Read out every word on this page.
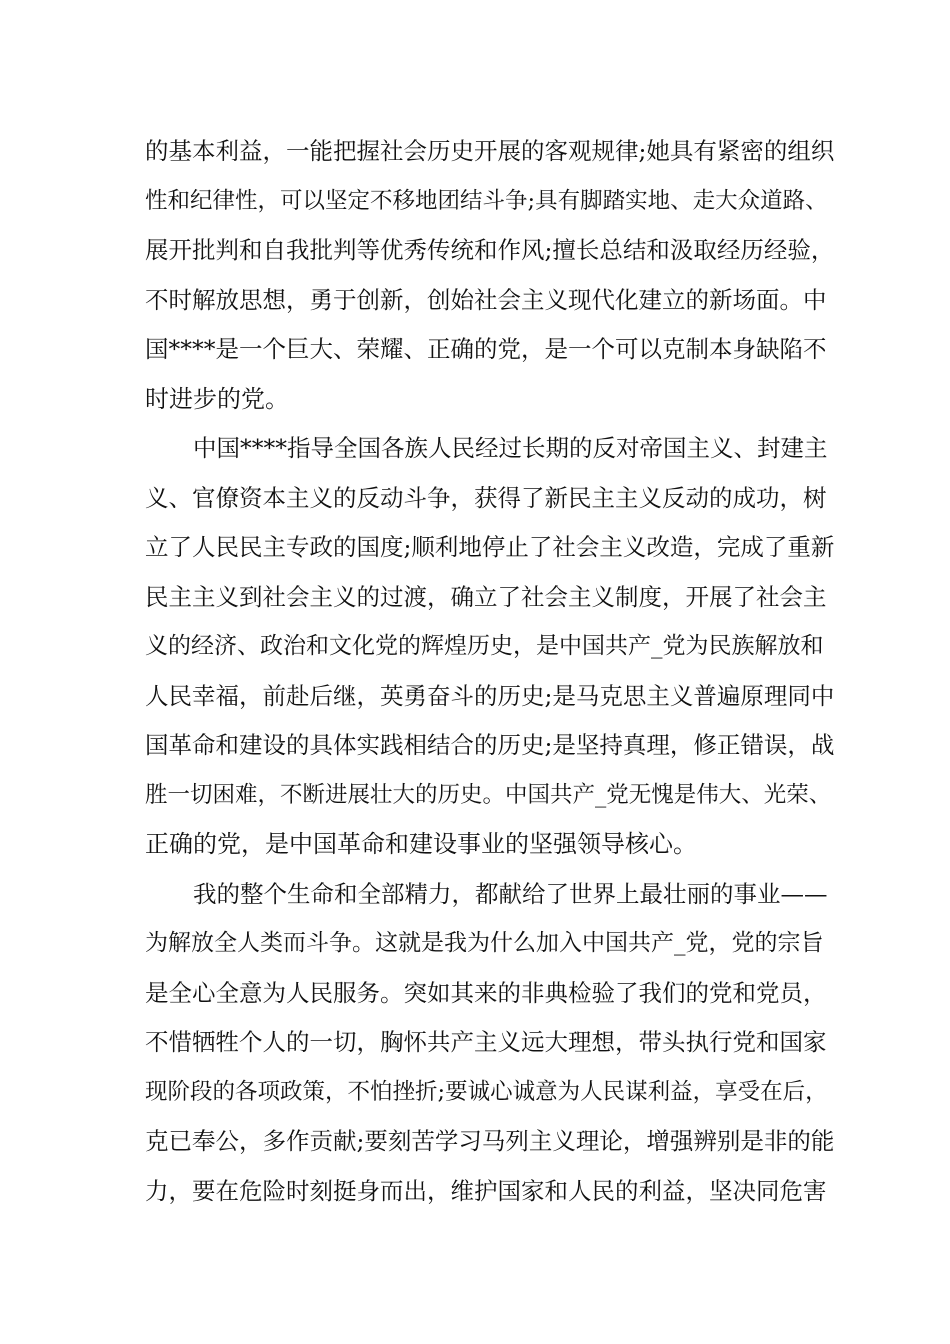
的基本利益，一能把握社会历史开展的客观规律;她具有紧密的组织
性和纪律性，可以坚定不移地团结斗争;具有脚踏实地、走大众道路、
展开批判和自我批判等优秀传统和作风;擅长总结和汲取经历经验，
不时解放思想，勇于创新，创始社会主义现代化建立的新场面。中
国****是一个巨大、荣耀、正确的党，是一个可以克制本身缺陷不
时进步的党。
中国****指导全国各族人民经过长期的反对帝国主义、封建主
义、官僚资本主义的反动斗争，获得了新民主主义反动的成功，树
立了人民民主专政的国度;顺利地停止了社会主义改造，完成了重新
民主主义到社会主义的过渡，确立了社会主义制度，开展了社会主
义的经济、政治和文化党的辉煌历史，是中国共产_党为民族解放和
人民幸福，前赴后继，英勇奋斗的历史;是马克思主义普遍原理同中
国革命和建设的具体实践相结合的历史;是坚持真理，修正错误，战
胜一切困难，不断进展壮大的历史。中国共产_党无愧是伟大、光荣、
正确的党，是中国革命和建设事业的坚强领导核心。
我的整个生命和全部精力，都献给了世界上最壮丽的事业——
为解放全人类而斗争。这就是我为什么加入中国共产_党，党的宗旨
是全心全意为人民服务。突如其来的非典检验了我们的党和党员，
不惜牺牲个人的一切，胸怀共产主义远大理想，带头执行党和国家
现阶段的各项政策，不怕挫折;要诚心诚意为人民谋利益，享受在后，
克已奉公，多作贡献;要刻苦学习马列主义理论，增强辨别是非的能
力，要在危险时刻挺身而出，维护国家和人民的利益，坚决同危害
